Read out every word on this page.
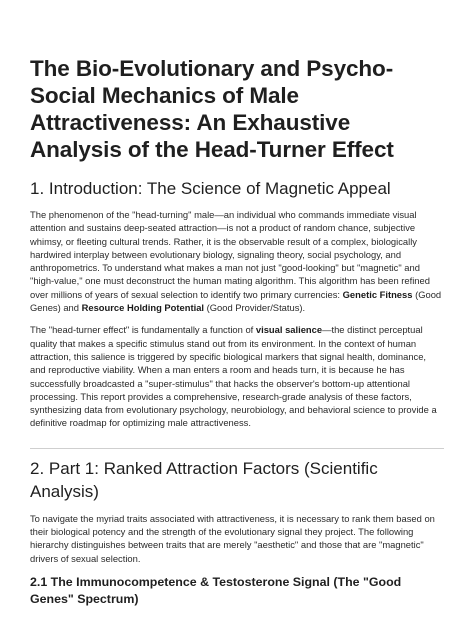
The Bio-Evolutionary and Psycho-Social Mechanics of Male Attractiveness: An Exhaustive Analysis of the Head-Turner Effect
1. Introduction: The Science of Magnetic Appeal

The phenomenon of the "head-turning" male—an individual who commands immediate visual attention and sustains deep-seated attraction—is not a product of random chance, subjective whimsy, or fleeting cultural trends. Rather, it is the observable result of a complex, biologically hardwired interplay between evolutionary biology, signaling theory, social psychology, and anthropometrics. To understand what makes a man not just "good-looking" but "magnetic" and "high-value," one must deconstruct the human mating algorithm. This algorithm has been refined over millions of years of sexual selection to identify two primary currencies: Genetic Fitness (Good Genes) and Resource Holding Potential (Good Provider/Status).

The "head-turner effect" is fundamentally a function of visual salience—the distinct perceptual quality that makes a specific stimulus stand out from its environment. In the context of human attraction, this salience is triggered by specific biological markers that signal health, dominance, and reproductive viability. When a man enters a room and heads turn, it is because he has successfully broadcasted a "super-stimulus" that hacks the observer's bottom-up attentional processing. This report provides a comprehensive, research-grade analysis of these factors, synthesizing data from evolutionary psychology, neurobiology, and behavioral science to provide a definitive roadmap for optimizing male attractiveness.

2. Part 1: Ranked Attraction Factors (Scientific Analysis)

To navigate the myriad traits associated with attractiveness, it is necessary to rank them based on their biological potency and the strength of the evolutionary signal they project. The following hierarchy distinguishes between traits that are merely "aesthetic" and those that are "magnetic" drivers of sexual selection.

2.1 The Immunocompetence & Testosterone Signal (The "Good Genes" Spectrum)
